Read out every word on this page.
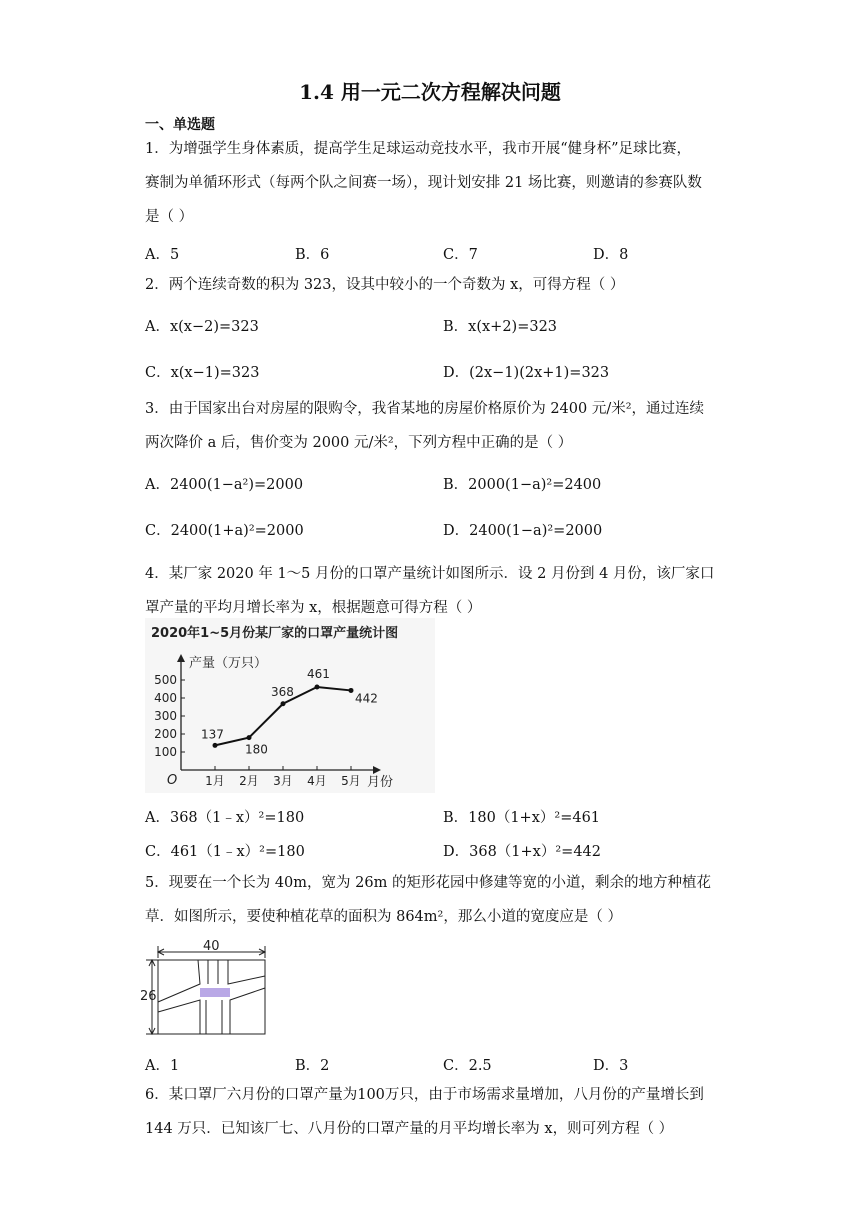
1.4 用一元二次方程解决问题
一、单选题
1．为增强学生身体素质，提高学生足球运动竞技水平，我市开展“健身杯”足球比赛，
赛制为单循环形式（每两个队之间赛一场），现计划安排 21 场比赛，则邀请的参赛队数
是（ ）
A．5	B．6	C．7	D．8
2．两个连续奇数的积为 323，设其中较小的一个奇数为 x，可得方程（ ）
A．x(x−2)=323	B．x(x+2)=323
C．x(x−1)=323	D．(2x−1)(2x+1)=323
3．由于国家出台对房屋的限购令，我省某地的房屋价格原价为 2400 元/米²，通过连续
两次降价 a 后，售价变为 2000 元/米²，下列方程中正确的是（ ）
A．2400(1−a²)=2000	B．2000(1−a)²=2400
C．2400(1+a)²=2000	D．2400(1−a)²=2000
4．某厂家 2020 年 1～5 月份的口罩产量统计如图所示．设 2 月份到 4 月份，该厂家口
罩产量的平均月增长率为 x，根据题意可得方程（ ）
2020年1~5月份某厂家的口罩产量统计图
产量（万只）
月份
O
100
200
300
400
500
1月 2月 3月 4月 5月
137
180
368
461
442
A．368（1﹣x）²=180	B．180（1+x）²=461
C．461（1﹣x）²=180	D．368（1+x）²=442
5．现要在一个长为 40m，宽为 26m 的矩形花园中修建等宽的小道，剩余的地方种植花
草．如图所示，要使种植花草的面积为 864m²，那么小道的宽度应是（ ）
40
26
A．1	B．2	C．2.5	D．3
6．某口罩厂六月份的口罩产量为100万只，由于市场需求量增加，八月份的产量增长到
144 万只．已知该厂七、八月份的口罩产量的月平均增长率为 x，则可列方程（ ）
